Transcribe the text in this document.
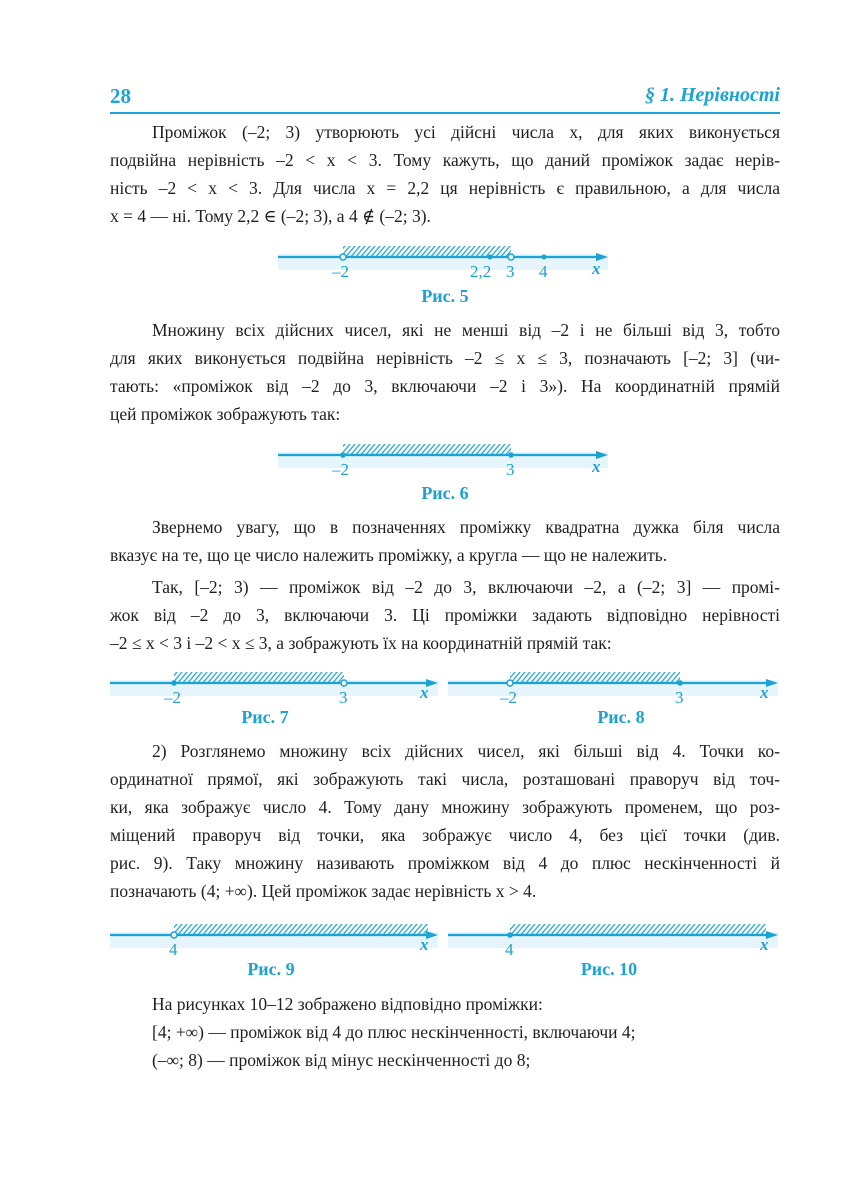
28	§ 1. Нерівності
Проміжок (–2; 3) утворюють усі дійсні числа x, для яких виконується
подвійна нерівність –2 < x < 3. Тому кажуть, що даний проміжок задає нерів-
ність –2 < x < 3. Для числа x = 2,2 ця нерівність є правильною, а для числа
x = 4 — ні. Тому 2,2 ∈ (–2; 3), а 4 ∉ (–2; 3).
–2	2,2 3 4	x
Рис. 5
Множину всіх дійсних чисел, які не менші від –2 і не більші від 3, тобто
для яких виконується подвійна нерівність –2 ≤ x ≤ 3, позначають [–2; 3] (чи-
тають: «проміжок від –2 до 3, включаючи –2 і 3»). На координатній прямій
цей проміжок зображують так:
–2	3	x
Рис. 6
Звернемо увагу, що в позначеннях проміжку квадратна дужка біля числа
вказує на те, що це число належить проміжку, а кругла — що не належить.
Так, [–2; 3) — проміжок від –2 до 3, включаючи –2, а (–2; 3] — промі-
жок від –2 до 3, включаючи 3. Ці проміжки задають відповідно нерівності
–2 ≤ x < 3 і –2 < x ≤ 3, а зображують їх на координатній прямій так:
–2	3	x
Рис. 7
–2	3	x
Рис. 8
2) Розглянемо множину всіх дійсних чисел, які більші від 4. Точки ко-
ординатної прямої, які зображують такі числа, розташовані праворуч від точ-
ки, яка зображує число 4. Тому дану множину зображують променем, що роз-
міщений праворуч від точки, яка зображує число 4, без цієї точки (див.
рис. 9). Таку множину називають проміжком від 4 до плюс нескінченності й
позначають (4; +∞). Цей проміжок задає нерівність x > 4.
4	x
Рис. 9
4	x
Рис. 10
На рисунках 10–12 зображено відповідно проміжки:
[4; +∞) — проміжок від 4 до плюс нескінченності, включаючи 4;
(–∞; 8) — проміжок від мінус нескінченності до 8;
